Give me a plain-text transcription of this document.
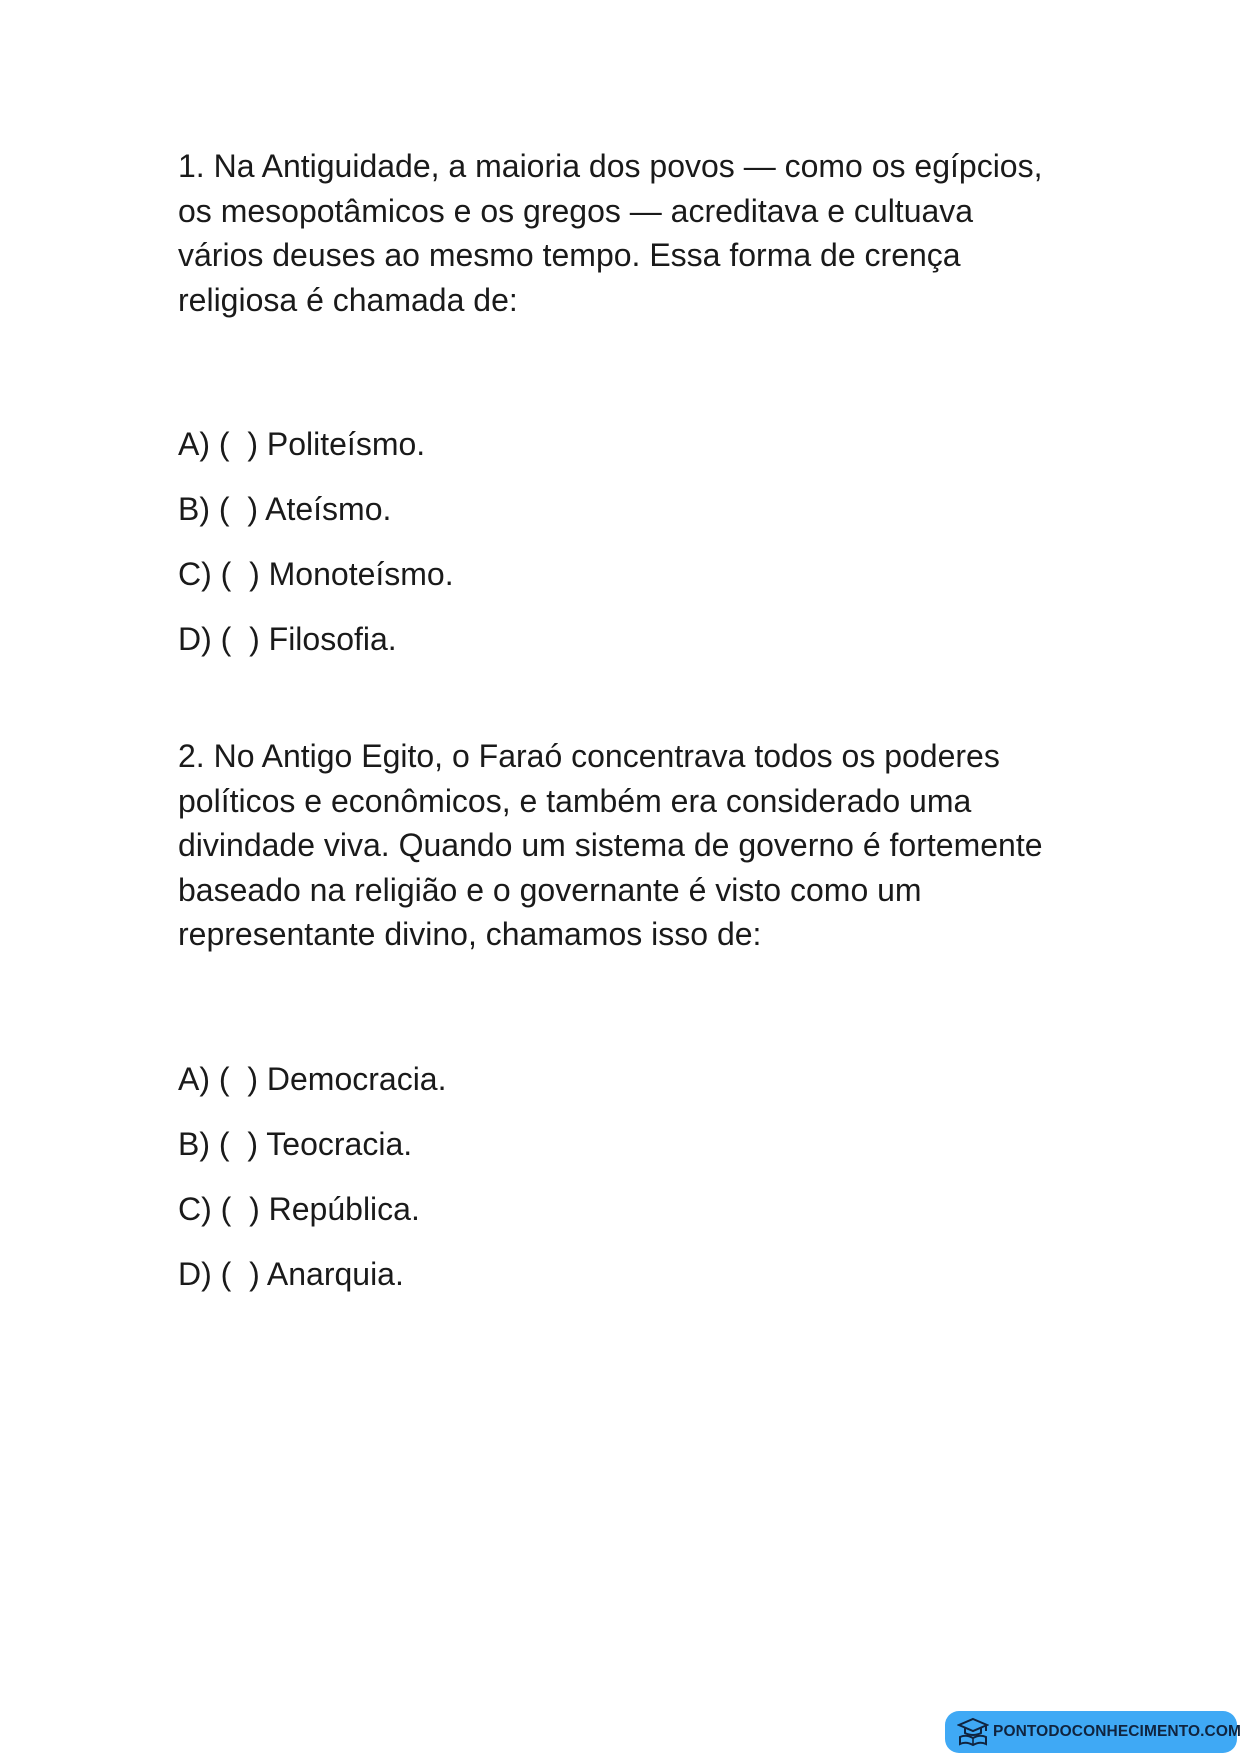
1. Na Antiguidade, a maioria dos povos — como os egípcios, os mesopotâmicos e os gregos — acreditava e cultuava vários deuses ao mesmo tempo. Essa forma de crença religiosa é chamada de:

A) (  ) Politeísmo.
B) (  ) Ateísmo.
C) (  ) Monoteísmo.
D) (  ) Filosofia.

2. No Antigo Egito, o Faraó concentrava todos os poderes políticos e econômicos, e também era considerado uma divindade viva. Quando um sistema de governo é fortemente baseado na religião e o governante é visto como um representante divino, chamamos isso de:

A) (  ) Democracia.
B) (  ) Teocracia.
C) (  ) República.
D) (  ) Anarquia.
PONTODOCONHECIMENTO.COM
